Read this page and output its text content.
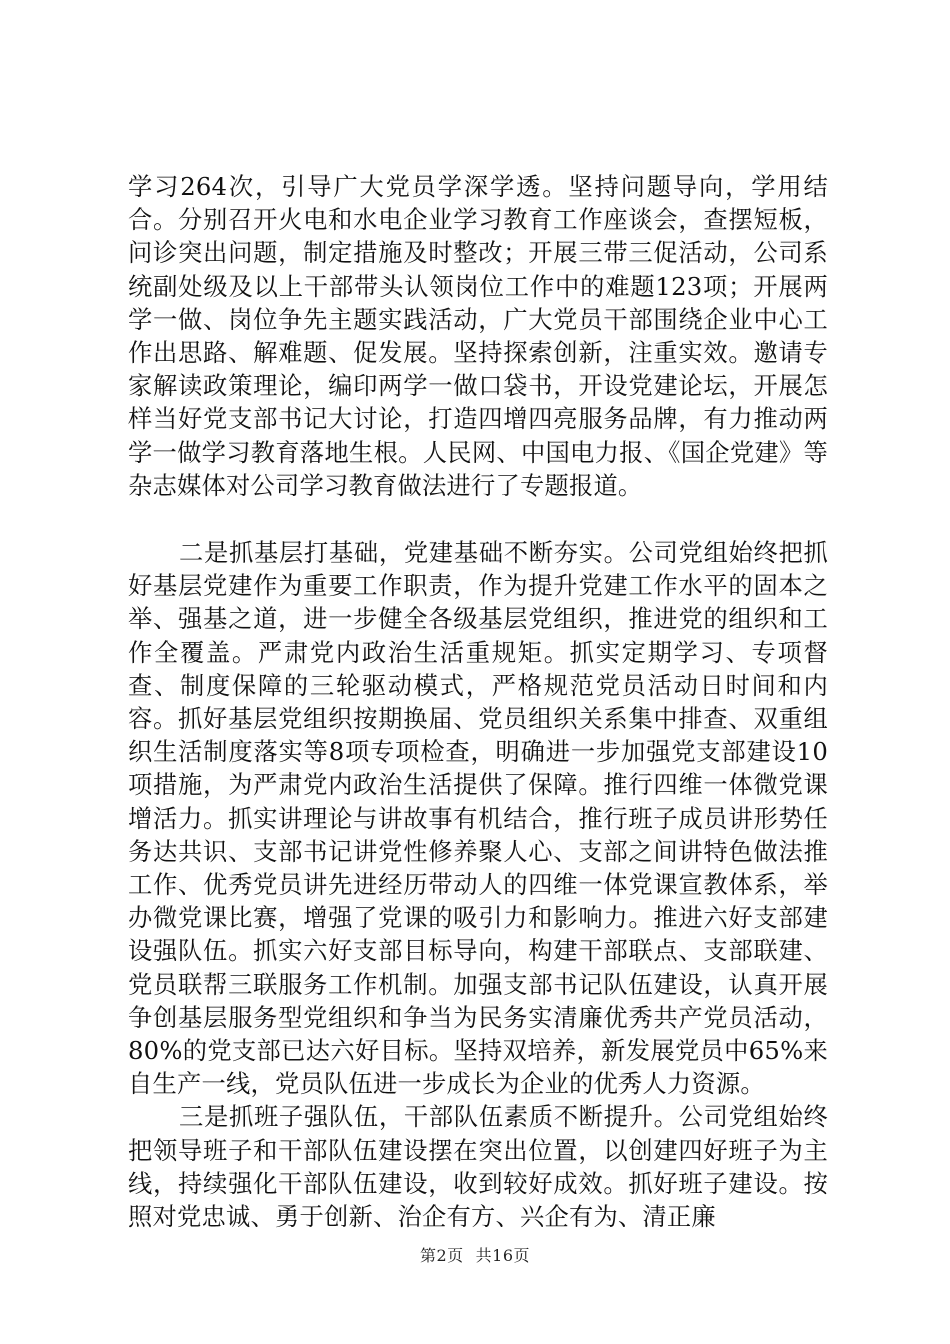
学习264次，引导广大党员学深学透。坚持问题导向，学用结合。分别召开火电和水电企业学习教育工作座谈会，查摆短板，问诊突出问题，制定措施及时整改；开展三带三促活动，公司系统副处级及以上干部带头认领岗位工作中的难题123项；开展两学一做、岗位争先主题实践活动，广大党员干部围绕企业中心工作出思路、解难题、促发展。坚持探索创新，注重实效。邀请专家解读政策理论，编印两学一做口袋书，开设党建论坛，开展怎样当好党支部书记大讨论，打造四增四亮服务品牌，有力推动两学一做学习教育落地生根。人民网、中国电力报、《国企党建》等杂志媒体对公司学习教育做法进行了专题报道。

二是抓基层打基础，党建基础不断夯实。公司党组始终把抓好基层党建作为重要工作职责，作为提升党建工作水平的固本之举、强基之道，进一步健全各级基层党组织，推进党的组织和工作全覆盖。严肃党内政治生活重规矩。抓实定期学习、专项督查、制度保障的三轮驱动模式，严格规范党员活动日时间和内容。抓好基层党组织按期换届、党员组织关系集中排查、双重组织生活制度落实等8项专项检查，明确进一步加强党支部建设10项措施，为严肃党内政治生活提供了保障。推行四维一体微党课增活力。抓实讲理论与讲故事有机结合，推行班子成员讲形势任务达共识、支部书记讲党性修养聚人心、支部之间讲特色做法推工作、优秀党员讲先进经历带动人的四维一体党课宣教体系，举办微党课比赛，增强了党课的吸引力和影响力。推进六好支部建设强队伍。抓实六好支部目标导向，构建干部联点、支部联建、党员联帮三联服务工作机制。加强支部书记队伍建设，认真开展争创基层服务型党组织和争当为民务实清廉优秀共产党员活动，80%的党支部已达六好目标。坚持双培养，新发展党员中65%来自生产一线，党员队伍进一步成长为企业的优秀人力资源。

三是抓班子强队伍，干部队伍素质不断提升。公司党组始终把领导班子和干部队伍建设摆在突出位置，以创建四好班子为主线，持续强化干部队伍建设，收到较好成效。抓好班子建设。按照对党忠诚、勇于创新、治企有方、兴企有为、清正廉

第2页 共16页
